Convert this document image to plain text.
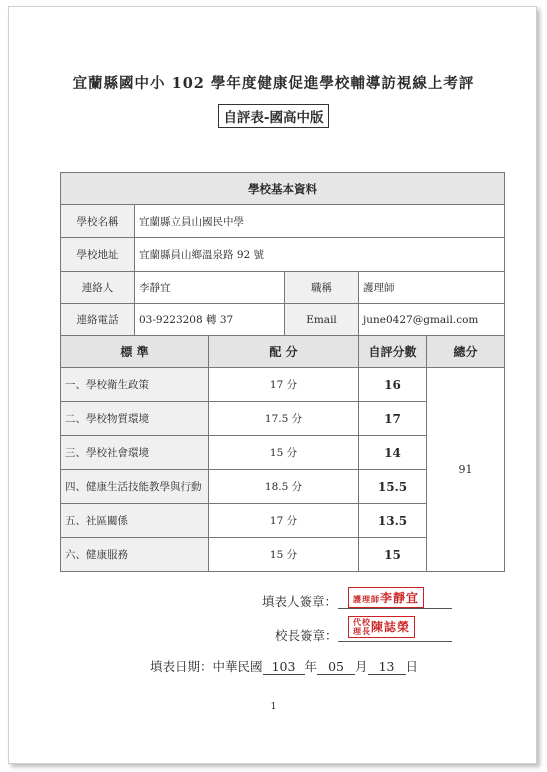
宜蘭縣國中小 102 學年度健康促進學校輔導訪視線上考評
自評表-國高中版
學校基本資料					
學校名稱	宜蘭縣立員山國民中學				
學校地址	宜蘭縣員山鄉溫泉路 92 號				
連絡人	李靜宜		職稱	護理師	
連絡電話	03-9223208 轉 37		Email	june0427@gmail.com	
標 準		配 分		自評分數	總分
一、學校衛生政策		17 分		16	91
二、學校物質環境		17.5 分		17	
三、學校社會環境		15 分		14	
四、健康生活技能教學與行動		18.5 分		15.5	
五、社區關係		17 分		13.5	
六、健康服務		15 分		15	
填表人簽章：	護理師李靜宜
校長簽章：
代理校長陳誌榮
填表日期：中華民國 103 年 05 月 13 日
1
